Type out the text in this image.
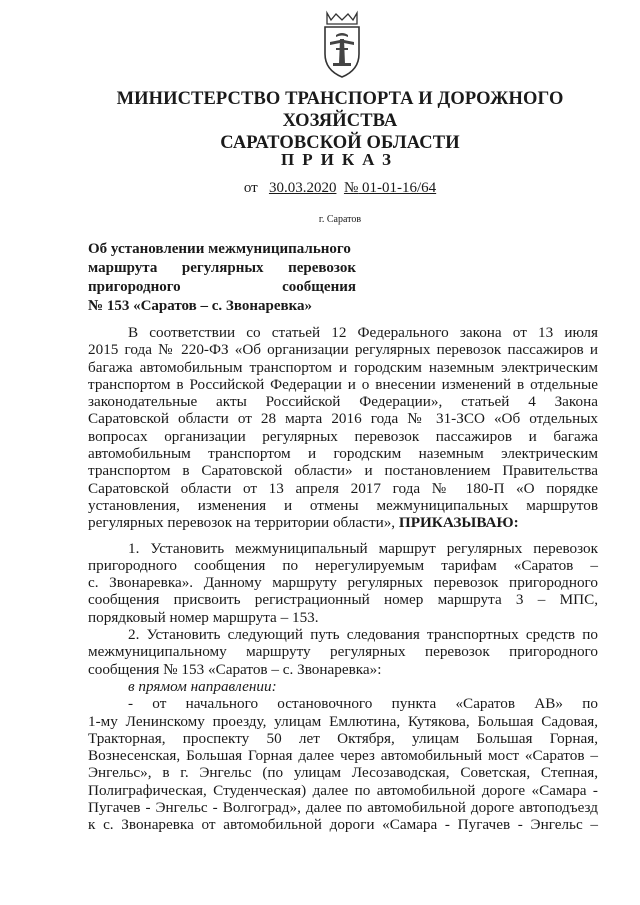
МИНИСТЕРСТВО ТРАНСПОРТА И ДОРОЖНОГО ХОЗЯЙСТВА
САРАТОВСКОЙ ОБЛАСТИ
ПРИКАЗ
от 30.03.2020 № 01-01-16/64
г. Саратов
Об установлении межмуниципального
маршрута регулярных перевозок
пригородного сообщения
№ 153 «Саратов – с. Звонаревка»
В соответствии со статьей 12 Федерального закона от 13 июля
2015 года № 220-ФЗ «Об организации регулярных перевозок пассажиров и
багажа автомобильным транспортом и городским наземным электрическим
транспортом в Российской Федерации и о внесении изменений в отдельные
законодательные акты Российской Федерации», статьей 4 Закона
Саратовской области от 28 марта 2016 года № 31-ЗСО «Об отдельных
вопросах организации регулярных перевозок пассажиров и багажа
автомобильным транспортом и городским наземным электрическим
транспортом в Саратовской области» и постановлением Правительства
Саратовской области от 13 апреля 2017 года № 180-П «О порядке
установления, изменения и отмены межмуниципальных маршрутов
регулярных перевозок на территории области», ПРИКАЗЫВАЮ:
1. Установить межмуниципальный маршрут регулярных перевозок
пригородного сообщения по нерегулируемым тарифам «Саратов –
с. Звонаревка». Данному маршруту регулярных перевозок пригородного
сообщения присвоить регистрационный номер маршрута 3 – МПС,
порядковый номер маршрута – 153.
2. Установить следующий путь следования транспортных средств по
межмуниципальному маршруту регулярных перевозок пригородного
сообщения № 153 «Саратов – с. Звонаревка»:
в прямом направлении:
- от начального остановочного пункта «Саратов АВ» по
1-му Ленинскому проезду, улицам Емлютина, Кутякова, Большая Садовая,
Тракторная, проспекту 50 лет Октября, улицам Большая Горная,
Вознесенская, Большая Горная далее через автомобильный мост «Саратов –
Энгельс», в г. Энгельс (по улицам Лесозаводская, Советская, Степная,
Полиграфическая, Студенческая) далее по автомобильной дороге «Самара -
Пугачев - Энгельс - Волгоград», далее по автомобильной дороге автоподъезд
к с. Звонаревка от автомобильной дороги «Самара - Пугачев - Энгельс –
